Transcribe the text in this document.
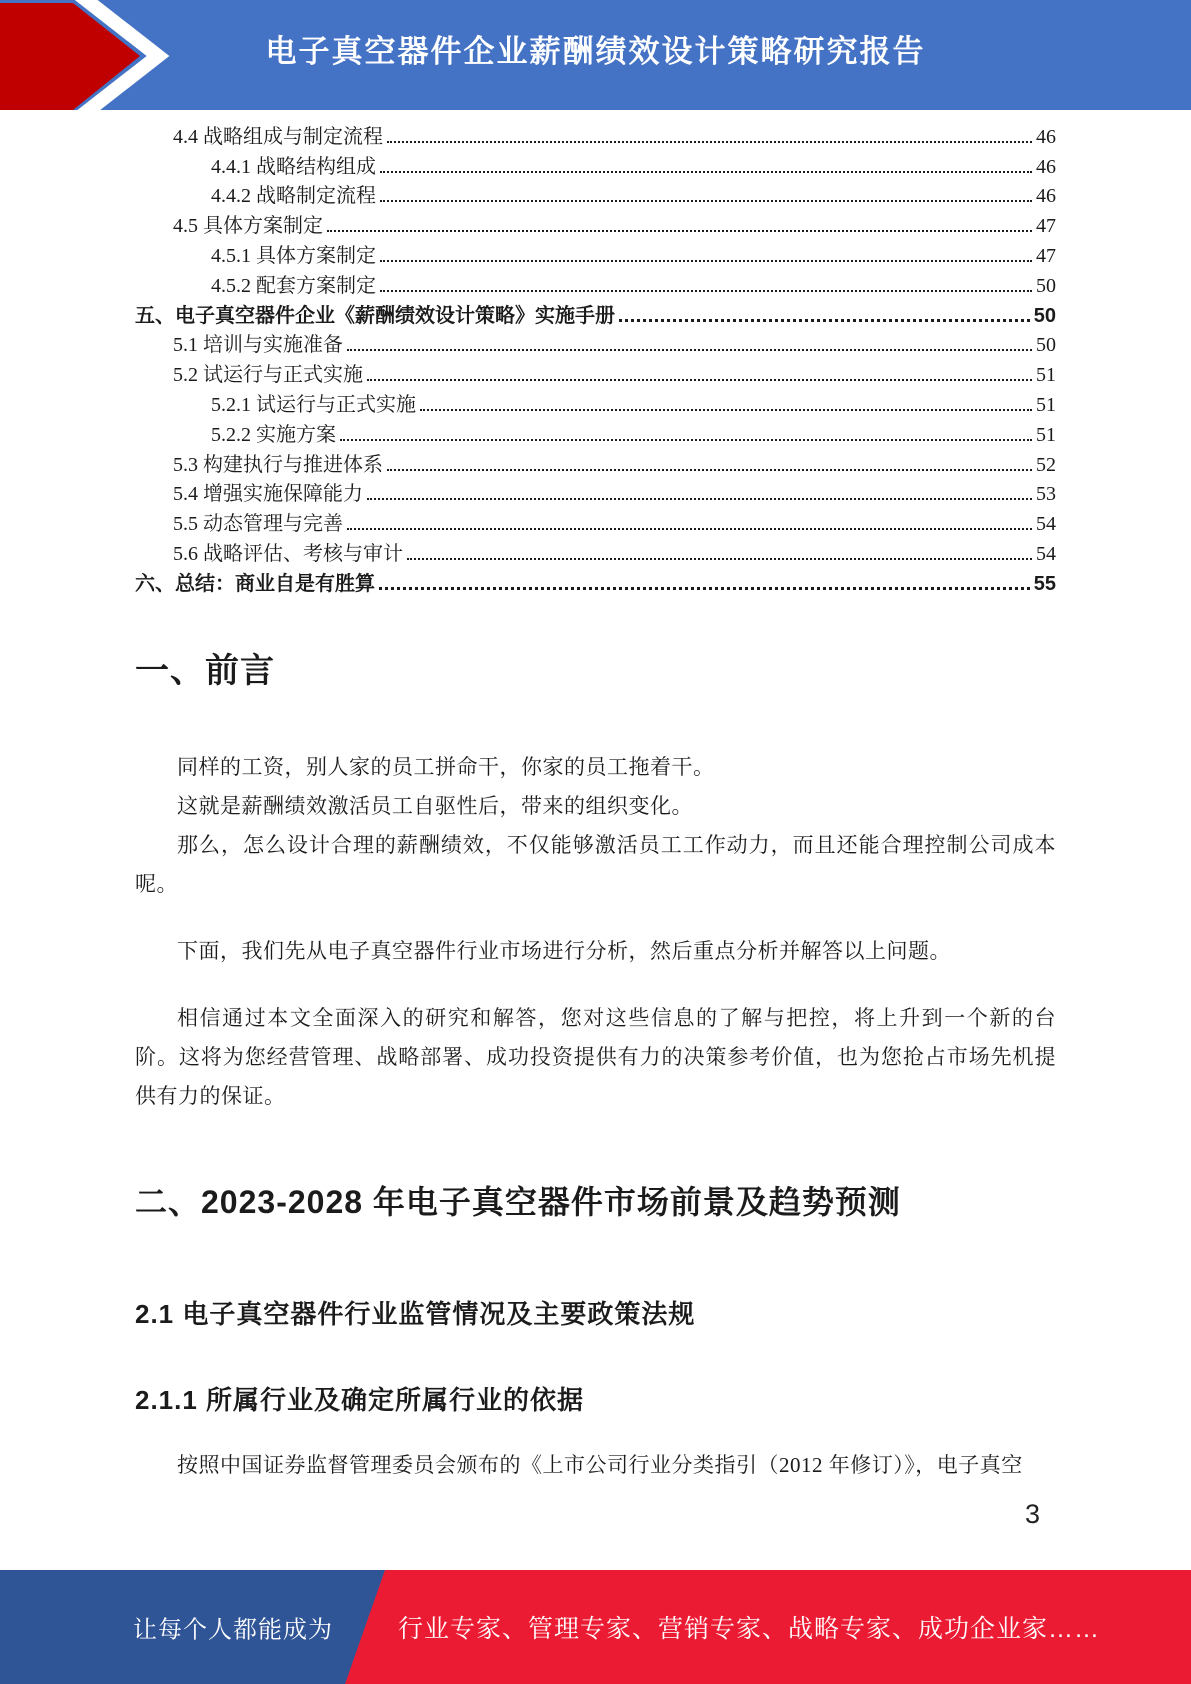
电子真空器件企业薪酬绩效设计策略研究报告
4.4 战略组成与制定流程	46
4.4.1 战略结构组成	46
4.4.2 战略制定流程	46
4.5 具体方案制定	47
4.5.1 具体方案制定	47
4.5.2 配套方案制定	50
五、电子真空器件企业《薪酬绩效设计策略》实施手册	50
5.1 培训与实施准备	50
5.2 试运行与正式实施	51
5.2.1 试运行与正式实施	51
5.2.2 实施方案	51
5.3 构建执行与推进体系	52
5.4 增强实施保障能力	53
5.5 动态管理与完善	54
5.6 战略评估、考核与审计	54
六、总结：商业自是有胜算	55
一、前言

同样的工资，别人家的员工拼命干，你家的员工拖着干。

这就是薪酬绩效激活员工自驱性后，带来的组织变化。

那么，怎么设计合理的薪酬绩效，不仅能够激活员工工作动力，而且还能合理控制公司成本呢。

下面，我们先从电子真空器件行业市场进行分析，然后重点分析并解答以上问题。

相信通过本文全面深入的研究和解答，您对这些信息的了解与把控，将上升到一个新的台阶。这将为您经营管理、战略部署、成功投资提供有力的决策参考价值，也为您抢占市场先机提供有力的保证。

二、2023-2028 年电子真空器件市场前景及趋势预测
2.1 电子真空器件行业监管情况及主要政策法规
2.1.1 所属行业及确定所属行业的依据

按照中国证券监督管理委员会颁布的《上市公司行业分类指引（2012 年修订）》，电子真空

3
让每个人都能成为	行业专家、管理专家、营销专家、战略专家、成功企业家……
